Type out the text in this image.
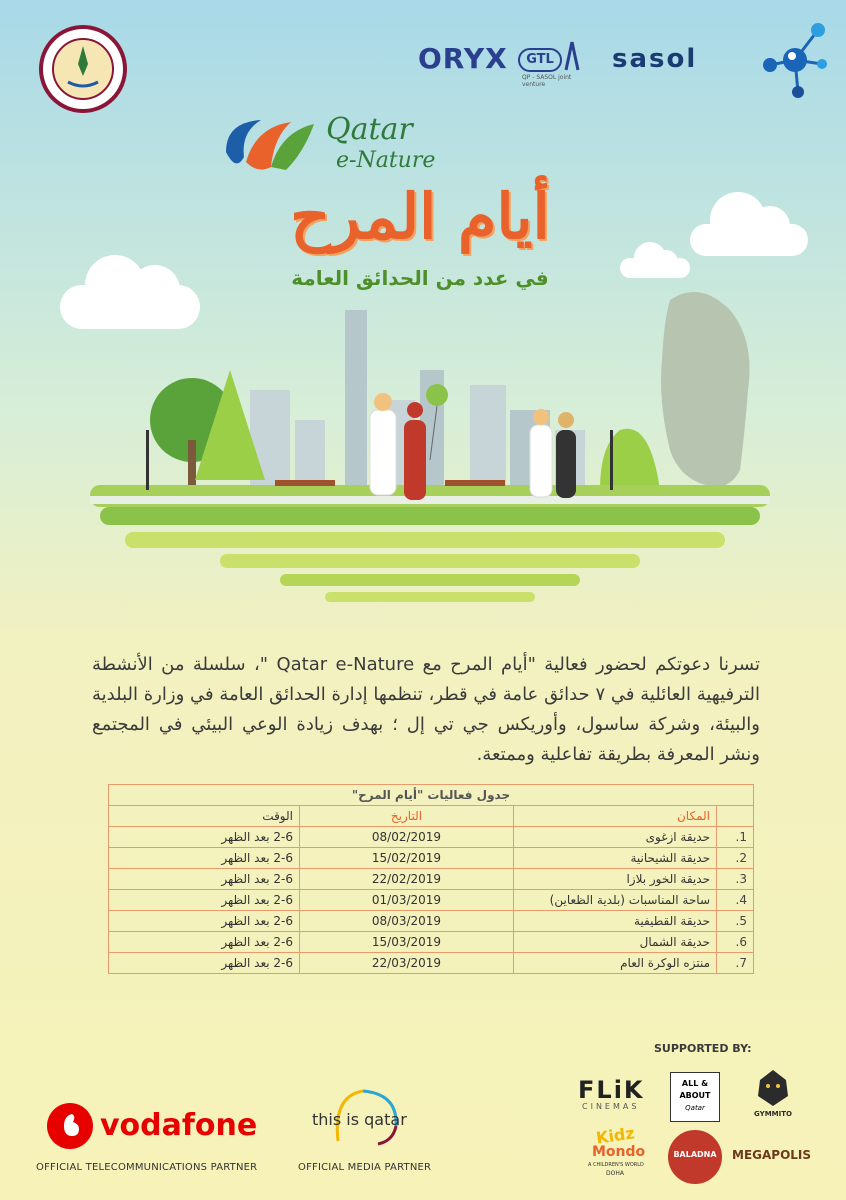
ORYX	GTL
QP - SASOL joint venture
sasol
Qatar
e-Nature
أيام المرح
في عدد من الحدائق العامة
تسرنا دعوتكم لحضور فعالية "أيام المرح مع Qatar e-Nature "، سلسلة من الأنشطة الترفيهية العائلية في ٧ حدائق عامة في قطر، تنظمها إدارة الحدائق العامة في وزارة البلدية والبيئة، وشركة ساسول، وأوريكس جي تي إل ؛ بهدف زيادة الوعي البيئي في المجتمع ونشر المعرفة بطريقة تفاعلية وممتعة.
جدول فعاليات "أيام المرح"			
	المكان	التاريخ	الوقت
1.	حديقة ازغوى	08/02/2019	2-6 بعد الظهر
2.	حديقة الشيحانية	15/02/2019	2-6 بعد الظهر
3.	حديقة الخور بلازا	22/02/2019	2-6 بعد الظهر
4.	ساحة المناسبات (بلدية الظعاين)	01/03/2019	2-6 بعد الظهر
5.	حديقة القطيفية	08/03/2019	2-6 بعد الظهر
6.	حديقة الشمال	15/03/2019	2-6 بعد الظهر
7.	منتزه الوكرة العام	22/03/2019	2-6 بعد الظهر
SUPPORTED BY:
vodafone
OFFICIAL TELECOMMUNICATIONS PARTNER
this is qatar
OFFICIAL MEDIA PARTNER
FLiK
CINEMAS
ALL &
ABOUT
Qatar
GYMMITO
Kidz
Mondo
A CHILDREN'S WORLD
DOHA
BALADNA	MEGAPOLIS
